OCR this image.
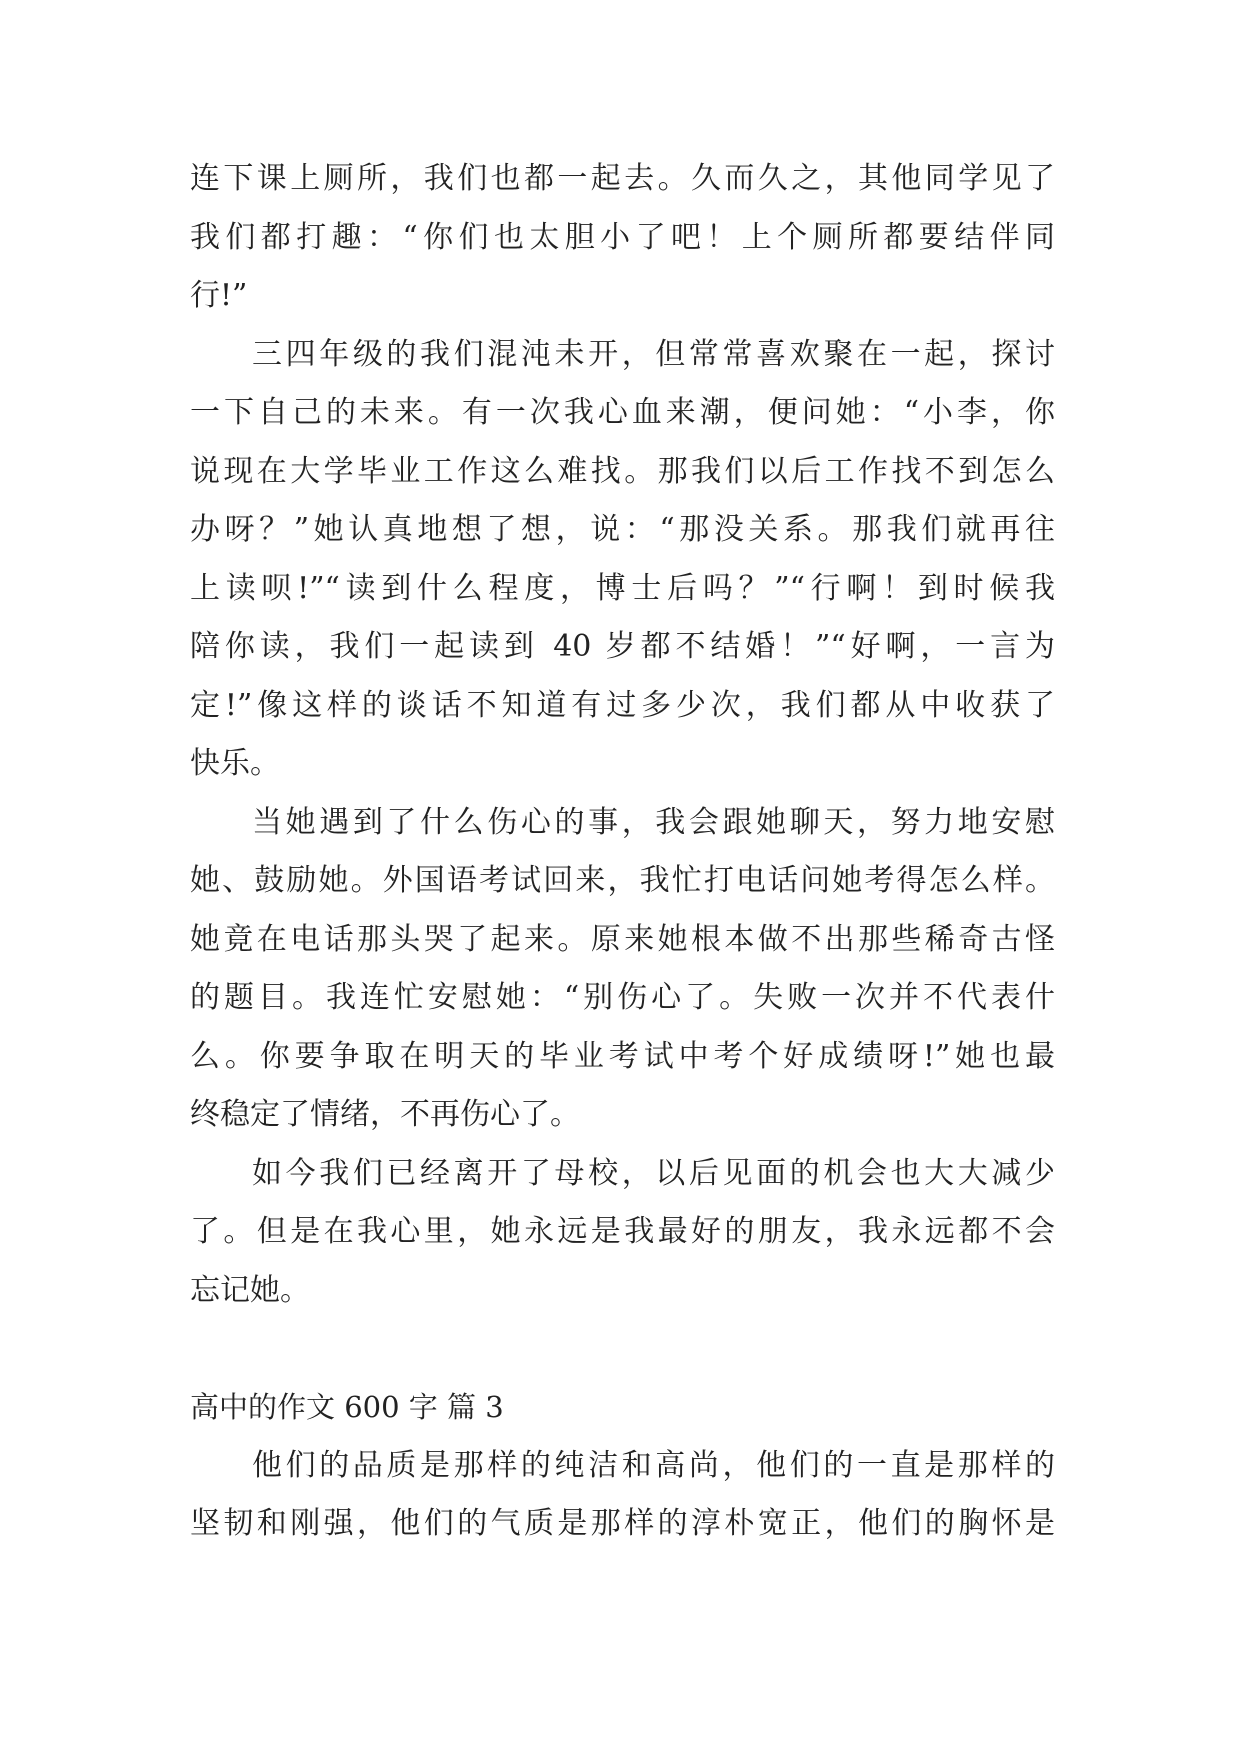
连下课上厕所，我们也都一起去。久而久之，其他同学见了
我们都打趣：“你们也太胆小了吧！上个厕所都要结伴同
行!”
三四年级的我们混沌未开，但常常喜欢聚在一起，探讨
一下自己的未来。有一次我心血来潮，便问她：“小李，你
说现在大学毕业工作这么难找。那我们以后工作找不到怎么
办呀？”她认真地想了想，说：“那没关系。那我们就再往
上读呗!”“读到什么程度，博士后吗？”“行啊！到时候我
陪你读，我们一起读到 40 岁都不结婚！”“好啊，一言为
定!”像这样的谈话不知道有过多少次，我们都从中收获了
快乐。
当她遇到了什么伤心的事，我会跟她聊天，努力地安慰
她、鼓励她。外国语考试回来，我忙打电话问她考得怎么样。
她竟在电话那头哭了起来。原来她根本做不出那些稀奇古怪
的题目。我连忙安慰她：“别伤心了。失败一次并不代表什
么。你要争取在明天的毕业考试中考个好成绩呀!”她也最
终稳定了情绪，不再伤心了。
如今我们已经离开了母校，以后见面的机会也大大减少
了。但是在我心里，她永远是我最好的朋友，我永远都不会
忘记她。
高中的作文 600 字 篇 3
他们的品质是那样的纯洁和高尚，他们的一直是那样的
坚韧和刚强，他们的气质是那样的淳朴宽正，他们的胸怀是
